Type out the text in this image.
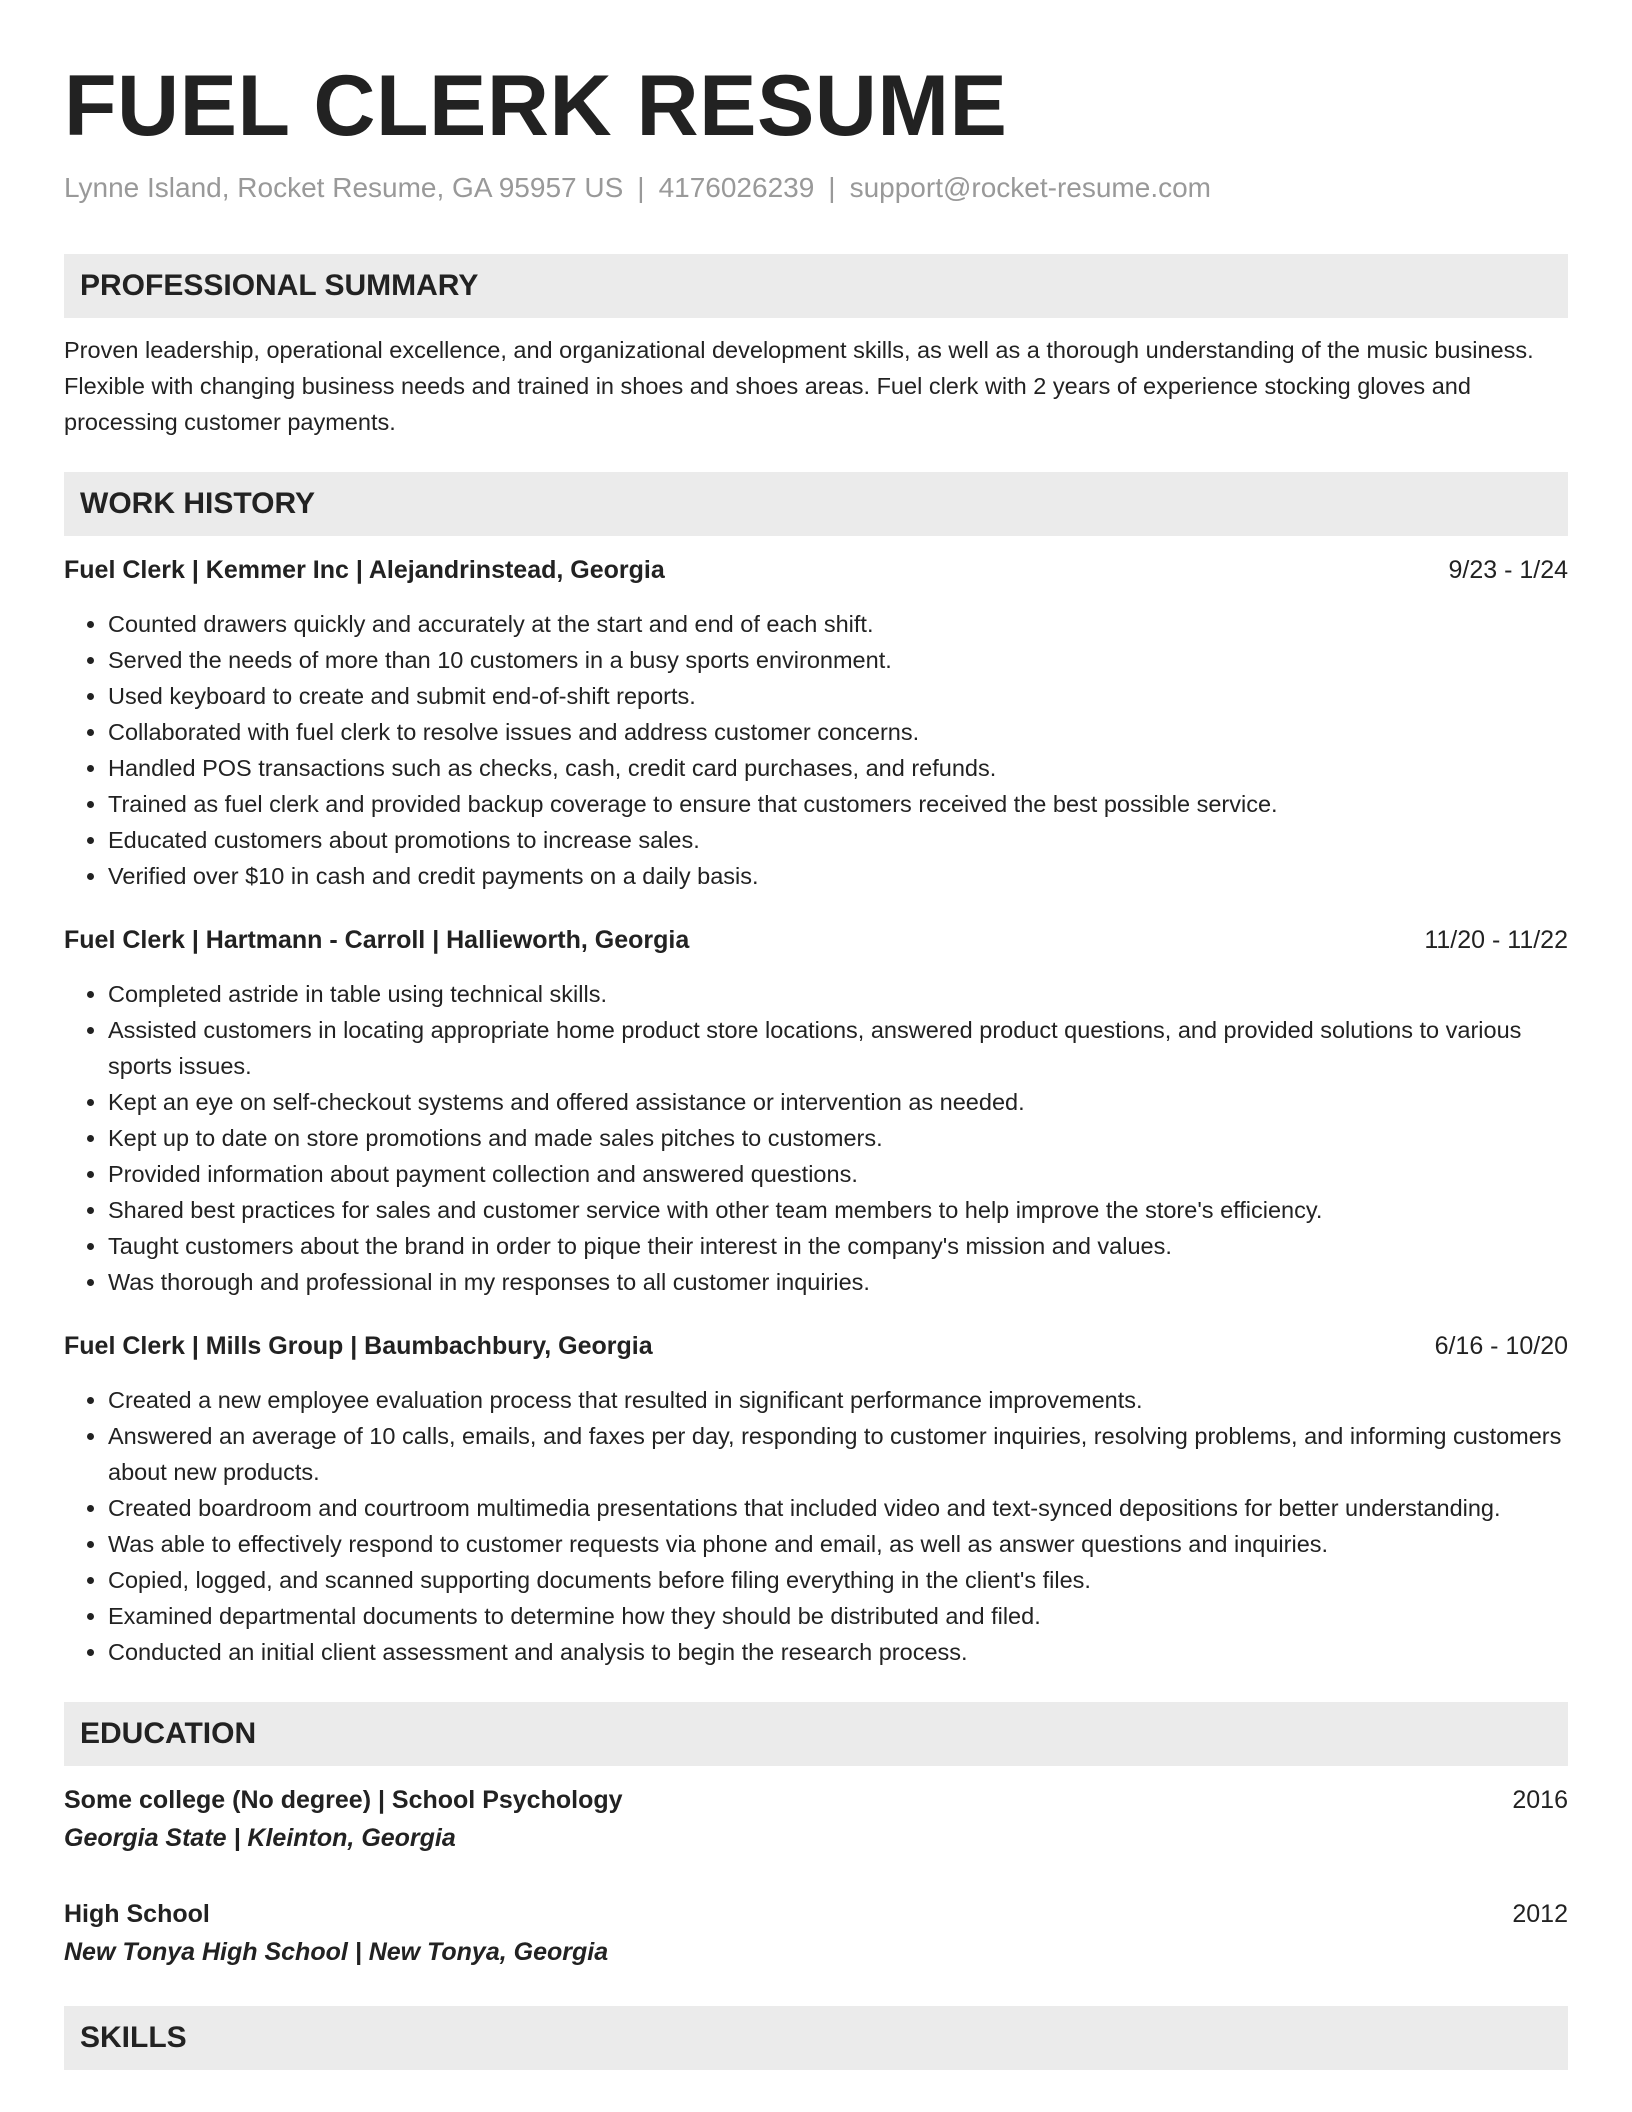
FUEL CLERK RESUME
Lynne Island, Rocket Resume, GA 95957 US | 4176026239 | support@rocket-resume.com
PROFESSIONAL SUMMARY
Proven leadership, operational excellence, and organizational development skills, as well as a thorough understanding of the music business. Flexible with changing business needs and trained in shoes and shoes areas. Fuel clerk with 2 years of experience stocking gloves and processing customer payments.
WORK HISTORY
Fuel Clerk | Kemmer Inc | Alejandrinstead, Georgia	9/23 - 1/24
• Counted drawers quickly and accurately at the start and end of each shift.
• Served the needs of more than 10 customers in a busy sports environment.
• Used keyboard to create and submit end-of-shift reports.
• Collaborated with fuel clerk to resolve issues and address customer concerns.
• Handled POS transactions such as checks, cash, credit card purchases, and refunds.
• Trained as fuel clerk and provided backup coverage to ensure that customers received the best possible service.
• Educated customers about promotions to increase sales.
• Verified over $10 in cash and credit payments on a daily basis.
Fuel Clerk | Hartmann - Carroll | Hallieworth, Georgia	11/20 - 11/22
• Completed astride in table using technical skills.
• Assisted customers in locating appropriate home product store locations, answered product questions, and provided solutions to various sports issues.
• Kept an eye on self-checkout systems and offered assistance or intervention as needed.
• Kept up to date on store promotions and made sales pitches to customers.
• Provided information about payment collection and answered questions.
• Shared best practices for sales and customer service with other team members to help improve the store's efficiency.
• Taught customers about the brand in order to pique their interest in the company's mission and values.
• Was thorough and professional in my responses to all customer inquiries.
Fuel Clerk | Mills Group | Baumbachbury, Georgia	6/16 - 10/20
• Created a new employee evaluation process that resulted in significant performance improvements.
• Answered an average of 10 calls, emails, and faxes per day, responding to customer inquiries, resolving problems, and informing customers about new products.
• Created boardroom and courtroom multimedia presentations that included video and text-synced depositions for better understanding.
• Was able to effectively respond to customer requests via phone and email, as well as answer questions and inquiries.
• Copied, logged, and scanned supporting documents before filing everything in the client's files.
• Examined departmental documents to determine how they should be distributed and filed.
• Conducted an initial client assessment and analysis to begin the research process.
EDUCATION
Some college (No degree) | School Psychology	2016
Georgia State | Kleinton, Georgia
High School	2012
New Tonya High School | New Tonya, Georgia
SKILLS
